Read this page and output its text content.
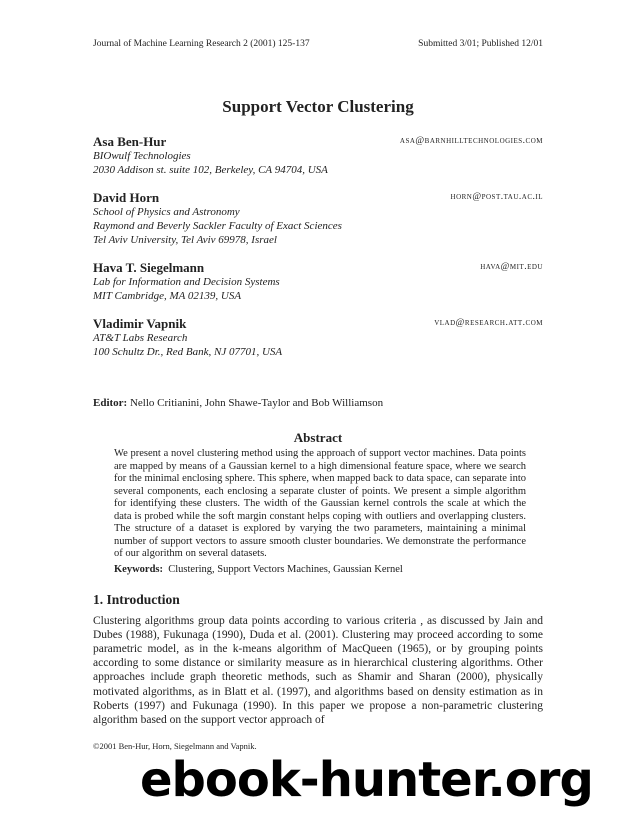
Journal of Machine Learning Research 2 (2001) 125-137	Submitted 3/01; Published 12/01
Support Vector Clustering
Asa Ben-Hur	asa@barnhilltechnologies.com
BIOwulf Technologies
2030 Addison st. suite 102, Berkeley, CA 94704, USA
David Horn	horn@post.tau.ac.il
School of Physics and Astronomy
Raymond and Beverly Sackler Faculty of Exact Sciences
Tel Aviv University, Tel Aviv 69978, Israel
Hava T. Siegelmann	hava@mit.edu
Lab for Information and Decision Systems
MIT Cambridge, MA 02139, USA
Vladimir Vapnik	vlad@research.att.com
AT&T Labs Research
100 Schultz Dr., Red Bank, NJ 07701, USA
Editor: Nello Critianini, John Shawe-Taylor and Bob Williamson
Abstract
We present a novel clustering method using the approach of support vector machines. Data points are mapped by means of a Gaussian kernel to a high dimensional feature space, where we search for the minimal enclosing sphere. This sphere, when mapped back to data space, can separate into several components, each enclosing a separate cluster of points. We present a simple algorithm for identifying these clusters. The width of the Gaussian kernel controls the scale at which the data is probed while the soft margin constant helps coping with outliers and overlapping clusters. The structure of a dataset is explored by varying the two parameters, maintaining a minimal number of support vectors to assure smooth cluster boundaries. We demonstrate the performance of our algorithm on several datasets.
Keywords: Clustering, Support Vectors Machines, Gaussian Kernel
1. Introduction
Clustering algorithms group data points according to various criteria , as discussed by Jain and Dubes (1988), Fukunaga (1990), Duda et al. (2001). Clustering may proceed according to some parametric model, as in the k-means algorithm of MacQueen (1965), or by grouping points according to some distance or similarity measure as in hierarchical clustering algorithms. Other approaches include graph theoretic methods, such as Shamir and Sharan (2000), physically motivated algorithms, as in Blatt et al. (1997), and algorithms based on density estimation as in Roberts (1997) and Fukunaga (1990). In this paper we propose a non-parametric clustering algorithm based on the support vector approach of
©2001 Ben-Hur, Horn, Siegelmann and Vapnik.
ebook-hunter.org
